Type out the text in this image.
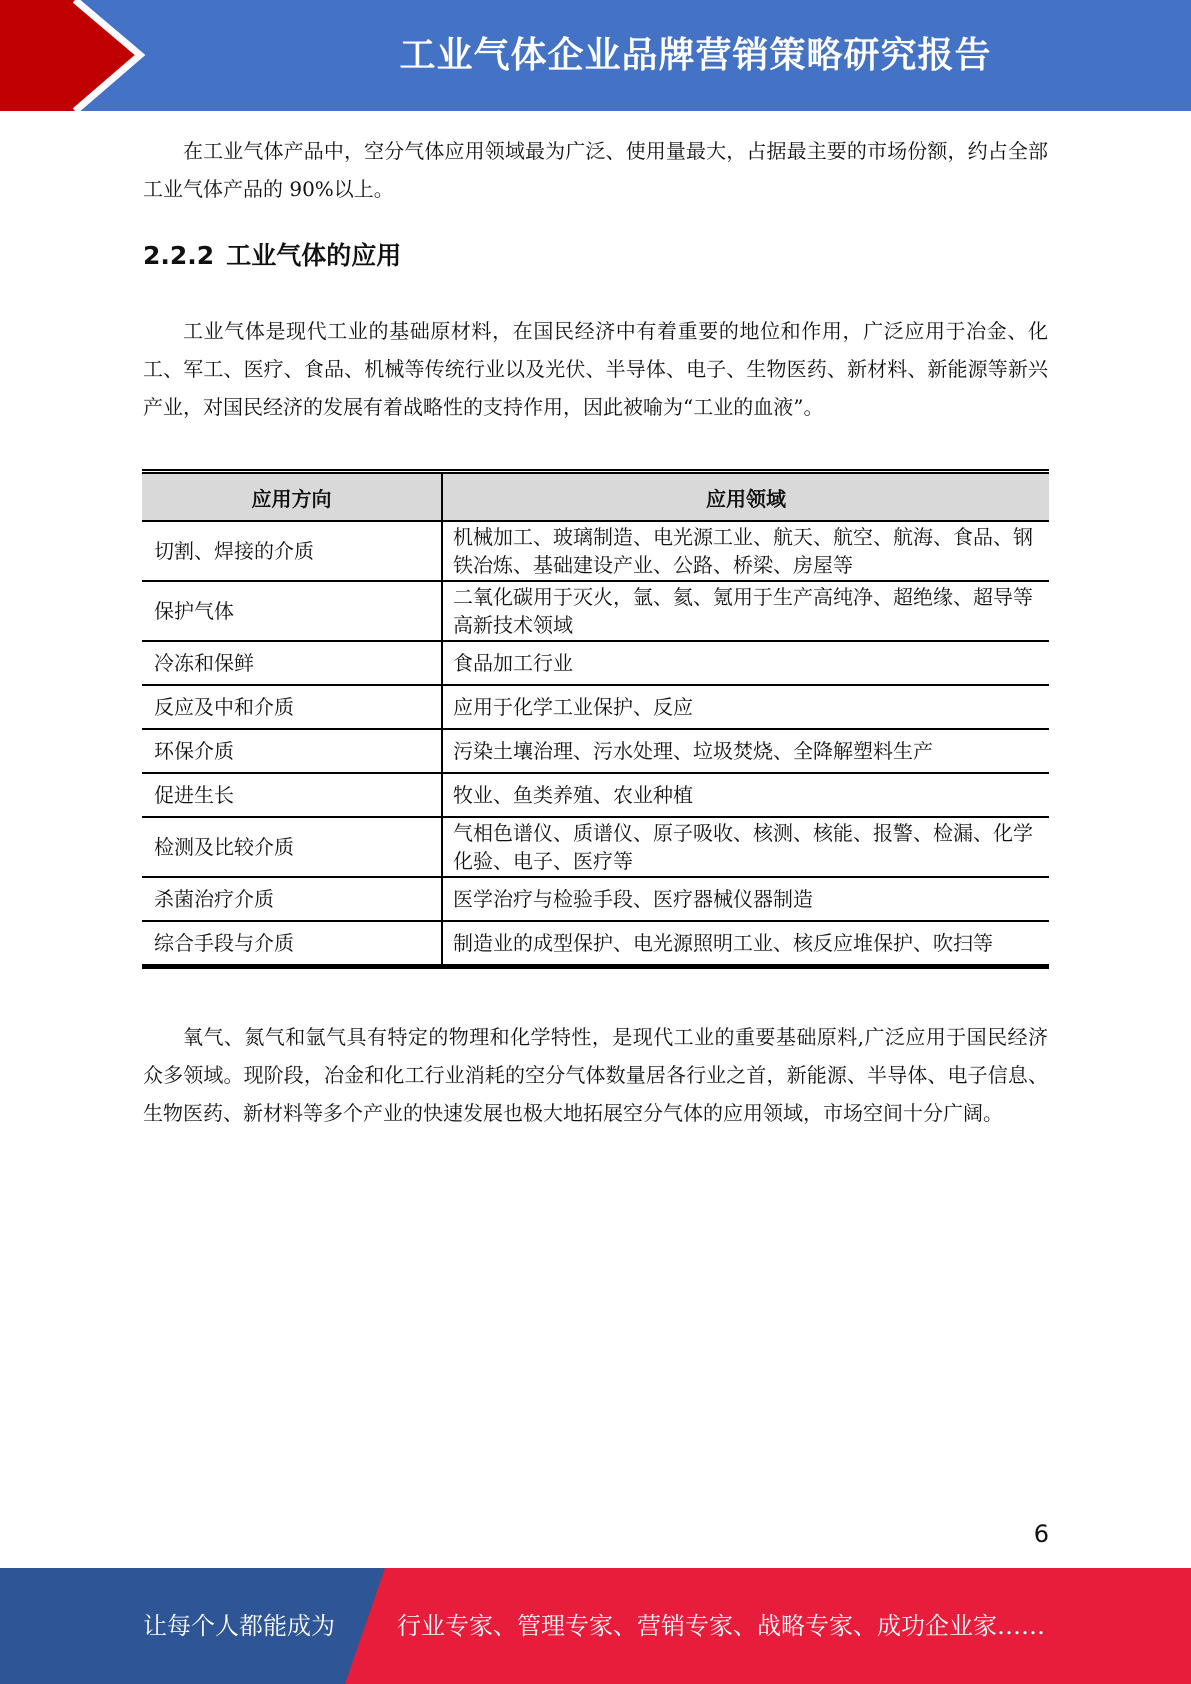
工业气体企业品牌营销策略研究报告

在工业气体产品中，空分气体应用领域最为广泛、使用量最大，占据最主要的市场份额，约占全部工业气体产品的 90%以上。

2.2.2 工业气体的应用

工业气体是现代工业的基础原材料，在国民经济中有着重要的地位和作用，广泛应用于冶金、化工、军工、医疗、食品、机械等传统行业以及光伏、半导体、电子、生物医药、新材料、新能源等新兴产业，对国民经济的发展有着战略性的支持作用，因此被喻为“工业的血液”。

应用方向	应用领域
切割、焊接的介质	机械加工、玻璃制造、电光源工业、航天、航空、航海、食品、钢铁冶炼、基础建设产业、公路、桥梁、房屋等
保护气体	二氧化碳用于灭火，氩、氦、氪用于生产高纯净、超绝缘、超导等高新技术领域
冷冻和保鲜	食品加工行业
反应及中和介质	应用于化学工业保护、反应
环保介质	污染土壤治理、污水处理、垃圾焚烧、全降解塑料生产
促进生长	牧业、鱼类养殖、农业种植
检测及比较介质	气相色谱仪、质谱仪、原子吸收、核测、核能、报警、检漏、化学化验、电子、医疗等
杀菌治疗介质	医学治疗与检验手段、医疗器械仪器制造
综合手段与介质	制造业的成型保护、电光源照明工业、核反应堆保护、吹扫等

氧气、氮气和氩气具有特定的物理和化学特性，是现代工业的重要基础原料,广泛应用于国民经济众多领域。现阶段，冶金和化工行业消耗的空分气体数量居各行业之首，新能源、半导体、电子信息、生物医药、新材料等多个产业的快速发展也极大地拓展空分气体的应用领域，市场空间十分广阔。

6
让每个人都能成为	行业专家、管理专家、营销专家、战略专家、成功企业家……
